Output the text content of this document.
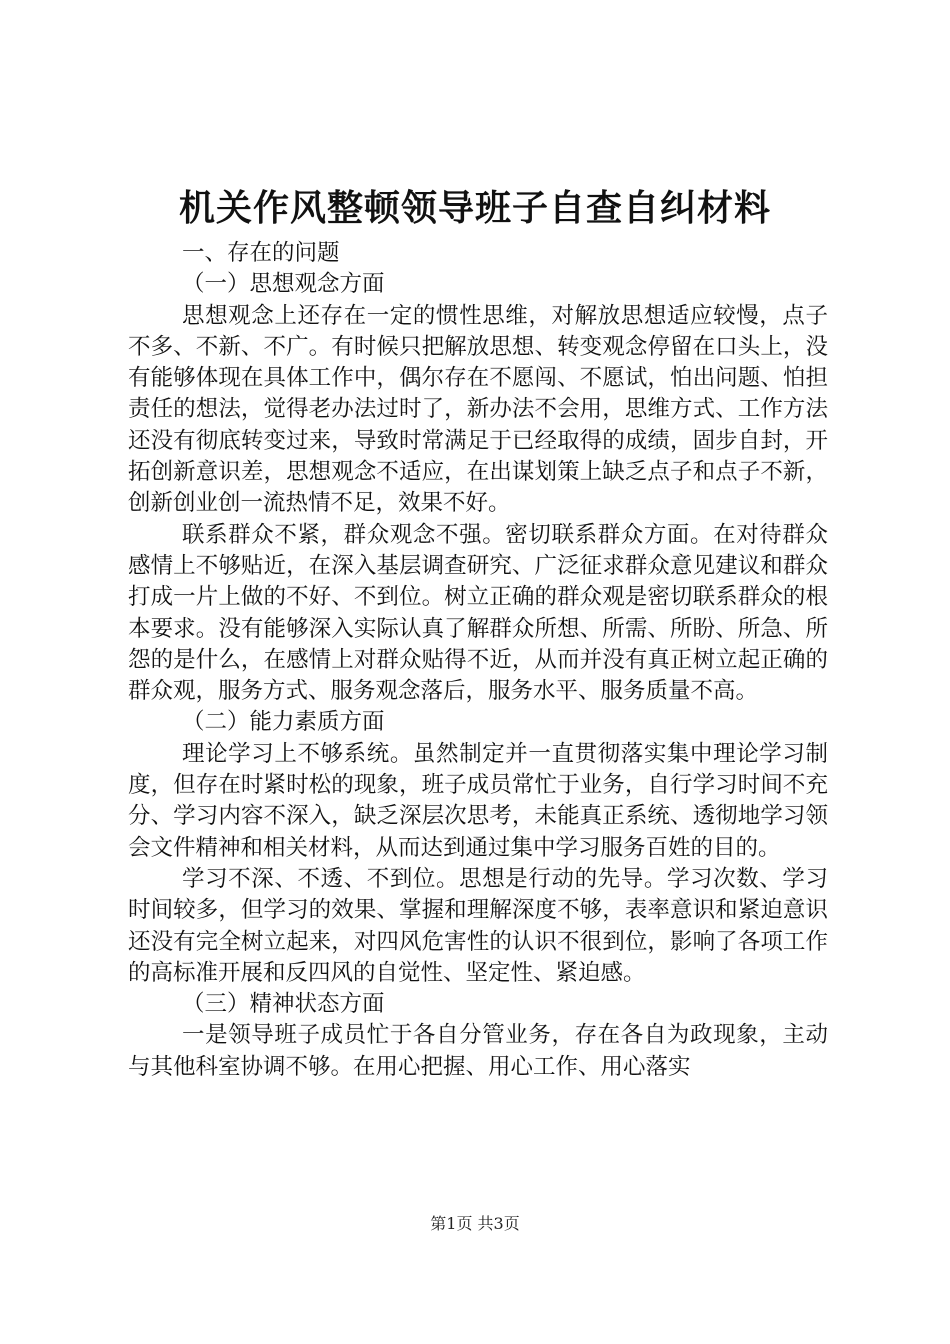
机关作风整顿领导班子自查自纠材料

一、存在的问题

（一）思想观念方面

思想观念上还存在一定的惯性思维，对解放思想适应较慢，点子不多、不新、不广。有时候只把解放思想、转变观念停留在口头上，没有能够体现在具体工作中，偶尔存在不愿闯、不愿试，怕出问题、怕担责任的想法，觉得老办法过时了，新办法不会用，思维方式、工作方法还没有彻底转变过来，导致时常满足于已经取得的成绩，固步自封，开拓创新意识差，思想观念不适应，在出谋划策上缺乏点子和点子不新，创新创业创一流热情不足，效果不好。

联系群众不紧，群众观念不强。密切联系群众方面。在对待群众感情上不够贴近，在深入基层调查研究、广泛征求群众意见建议和群众打成一片上做的不好、不到位。树立正确的群众观是密切联系群众的根本要求。没有能够深入实际认真了解群众所想、所需、所盼、所急、所怨的是什么，在感情上对群众贴得不近，从而并没有真正树立起正确的群众观，服务方式、服务观念落后，服务水平、服务质量不高。

（二）能力素质方面

理论学习上不够系统。虽然制定并一直贯彻落实集中理论学习制度，但存在时紧时松的现象，班子成员常忙于业务，自行学习时间不充分、学习内容不深入，缺乏深层次思考，未能真正系统、透彻地学习领会文件精神和相关材料，从而达到通过集中学习服务百姓的目的。

学习不深、不透、不到位。思想是行动的先导。学习次数、学习时间较多，但学习的效果、掌握和理解深度不够，表率意识和紧迫意识还没有完全树立起来，对四风危害性的认识不很到位，影响了各项工作的高标准开展和反四风的自觉性、坚定性、紧迫感。

（三）精神状态方面

一是领导班子成员忙于各自分管业务，存在各自为政现象，主动与其他科室协调不够。在用心把握、用心工作、用心落实

第1页 共3页
